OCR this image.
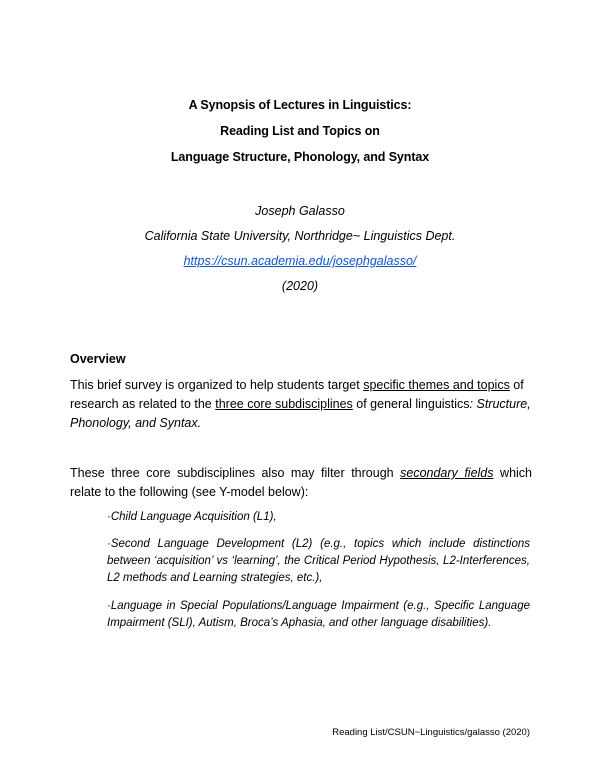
A Synopsis of Lectures in Linguistics:
Reading List and Topics on
Language Structure, Phonology, and Syntax
Joseph Galasso
California State University, Northridge~ Linguistics Dept.
https://csun.academia.edu/josephgalasso/
(2020)
Overview
This brief survey is organized to help students target specific themes and topics of research as related to the three core subdisciplines of general linguistics: Structure, Phonology, and Syntax.
These three core subdisciplines also may filter through secondary fields which relate to the following (see Y-model below):
·Child Language Acquisition (L1),
·Second Language Development (L2) (e.g., topics which include distinctions between ‘acquisition’ vs ‘learning’, the Critical Period Hypothesis, L2-Interferences, L2 methods and Learning strategies, etc.),
·Language in Special Populations/Language Impairment (e.g., Specific Language Impairment (SLI), Autism, Broca’s Aphasia, and other language disabilities).
Reading List/CSUN~Linguistics/galasso (2020)
